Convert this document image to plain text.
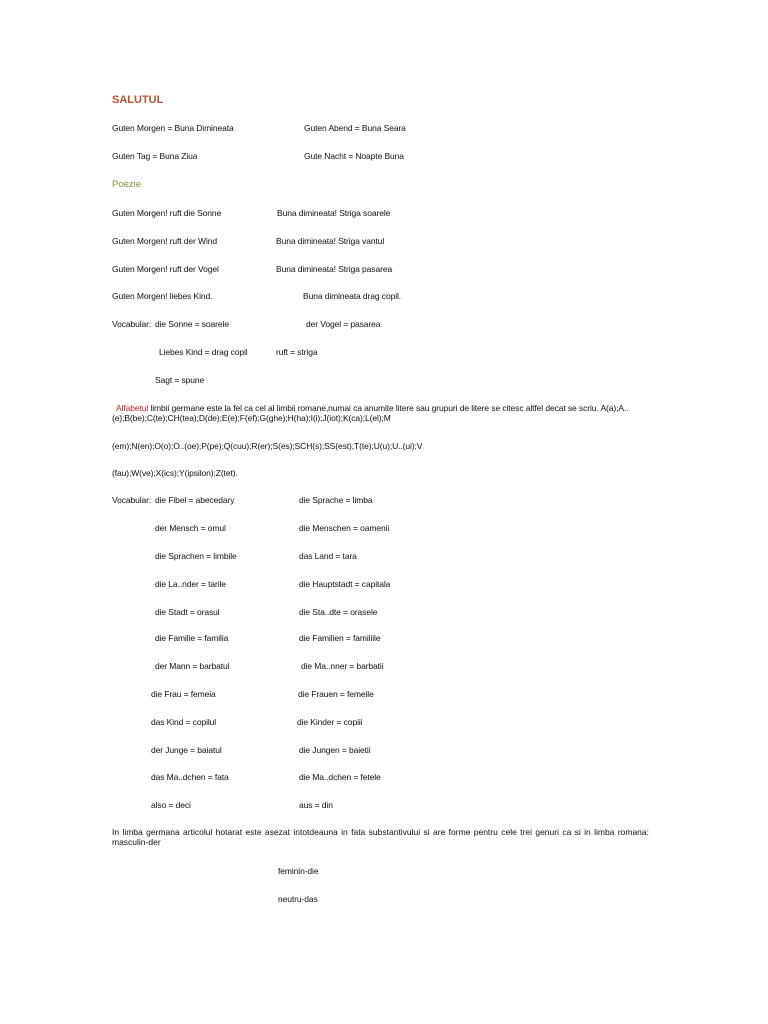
SALUTUL
Guten Morgen = Buna Dimineata	Guten Abend = Buna Seara
Guten Tag = Buna Ziua	Gute Nacht = Noapte Buna
Poezie
Guten Morgen! ruft die Sonne	Buna dimineata! Striga soarele
Guten Morgen! ruft der Wind	Buna dimineata! Striga vantul
Guten Morgen! ruft der Vogel	Buna dimineata! Striga pasarea
Guten Morgen! liebes Kind.	Buna dimineata drag copil.
Vocabular: die Sonne = soarele	der Vogel = pasarea
Liebes Kind = drag copil	ruft = striga
Sagt = spune
Alfabetul limbii germane este la fel ca cel al limbii romane,numai ca anumite litere sau grupuri de litere se citesc altfel decat se scriu. A(a);A..
(e);B(be);C(te);CH(tea);D(de);E(e);F(ef);G(ghe);H(ha);I(i);J(iot);K(ca);L(el);M
(em);N(en);O(o);O..(oe);P(pe);Q(cuu);R(er);S(es);SCH(s);SS(est);T(te);U(u);U..(ui);V
(fau);W(ve);X(ics);Y(ipsilon);Z(tet).
Vocabular: die Fibel = abecedary	die Sprache = limba
der Mensch = omul	die Menschen = oamenii
die Sprachen = limbile	das Land = tara
die La..nder = tarile	die Hauptstadt = capitala
die Stadt = orasul	die Sta..dte = orasele
die Familie = familia	die Familien = familiile
der Mann = barbatul	die Ma..nner = barbatii
die Frau = femeia	die Frauen = femeile
das Kind = copilul	die Kinder = copiii
der Junge = baiatul	die Jungen = baietii
das Ma..dchen = fata	die Ma..dchen = fetele
also = deci	aus = din
In limba germana articolul hotarat este asezat intotdeauna in fata substantivului si are forme pentru cele trei genuri ca si in limba romana: masculin-der
feminin-die
neutru-das
